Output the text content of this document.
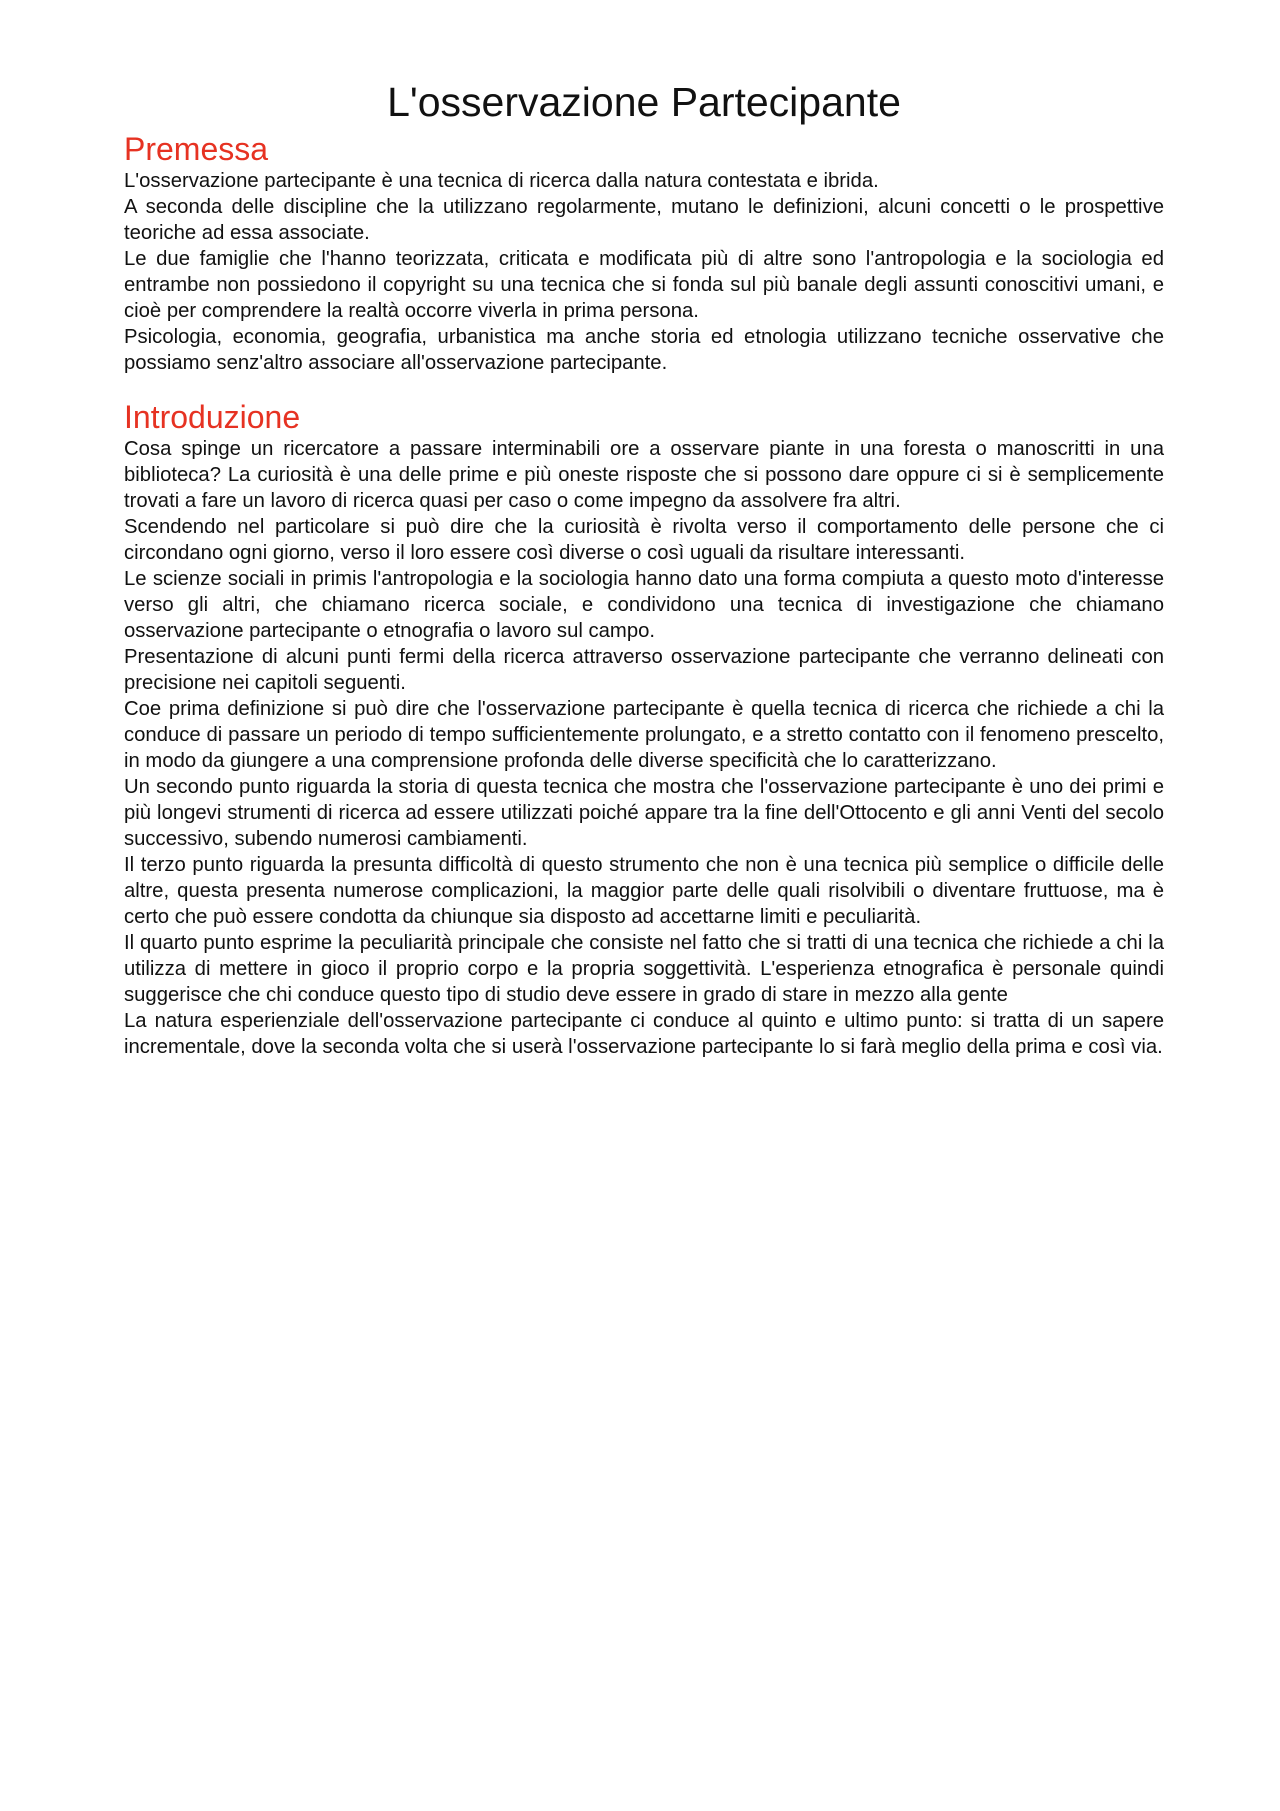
L'osservazione Partecipante
Premessa

L'osservazione partecipante è una tecnica di ricerca dalla natura contestata e ibrida.

A seconda delle discipline che la utilizzano regolarmente, mutano le definizioni, alcuni concetti o le prospettive teoriche ad essa associate.

Le due famiglie che l'hanno teorizzata, criticata e modificata più di altre sono l'antropologia e la sociologia ed entrambe non possiedono il copyright su una tecnica che si fonda sul più banale degli assunti conoscitivi umani, e cioè per comprendere la realtà occorre viverla in prima persona.

Psicologia, economia, geografia, urbanistica ma anche storia ed etnologia utilizzano tecniche osservative che possiamo senz'altro associare all'osservazione partecipante.

Introduzione

Cosa spinge un ricercatore a passare interminabili ore a osservare piante in una foresta o manoscritti in una biblioteca? La curiosità è una delle prime e più oneste risposte che si possono dare oppure ci si è semplicemente trovati a fare un lavoro di ricerca quasi per caso o come impegno da assolvere fra altri.

Scendendo nel particolare si può dire che la curiosità è rivolta verso il comportamento delle persone che ci circondano ogni giorno, verso il loro essere così diverse o così uguali da risultare interessanti.

Le scienze sociali in primis l'antropologia e la sociologia hanno dato una forma compiuta a questo moto d'interesse verso gli altri, che chiamano ricerca sociale, e condividono una tecnica di investigazione che chiamano osservazione partecipante o etnografia o lavoro sul campo.

Presentazione di alcuni punti fermi della ricerca attraverso osservazione partecipante che verranno delineati con precisione nei capitoli seguenti.

Coe prima definizione si può dire che l'osservazione partecipante è quella tecnica di ricerca che richiede a chi la conduce di passare un periodo di tempo sufficientemente prolungato, e a stretto contatto con il fenomeno prescelto, in modo da giungere a una comprensione profonda delle diverse specificità che lo caratterizzano.

Un secondo punto riguarda la storia di questa tecnica che mostra che l'osservazione partecipante è uno dei primi e più longevi strumenti di ricerca ad essere utilizzati poiché appare tra la fine dell'Ottocento e gli anni Venti del secolo successivo, subendo numerosi cambiamenti.

Il terzo punto riguarda la presunta difficoltà di questo strumento che non è una tecnica più semplice o difficile delle altre, questa presenta numerose complicazioni, la maggior parte delle quali risolvibili o diventare fruttuose, ma è certo che può essere condotta da chiunque sia disposto ad accettarne limiti e peculiarità.

Il quarto punto esprime la peculiarità principale che consiste nel fatto che si tratti di una tecnica che richiede a chi la utilizza di mettere in gioco il proprio corpo e la propria soggettività. L'esperienza etnografica è personale quindi suggerisce che chi conduce questo tipo di studio deve essere in grado di stare in mezzo alla gente

La natura esperienziale dell'osservazione partecipante ci conduce al quinto e ultimo punto: si tratta di un sapere incrementale, dove la seconda volta che si userà l'osservazione partecipante lo si farà meglio della prima e così via.
